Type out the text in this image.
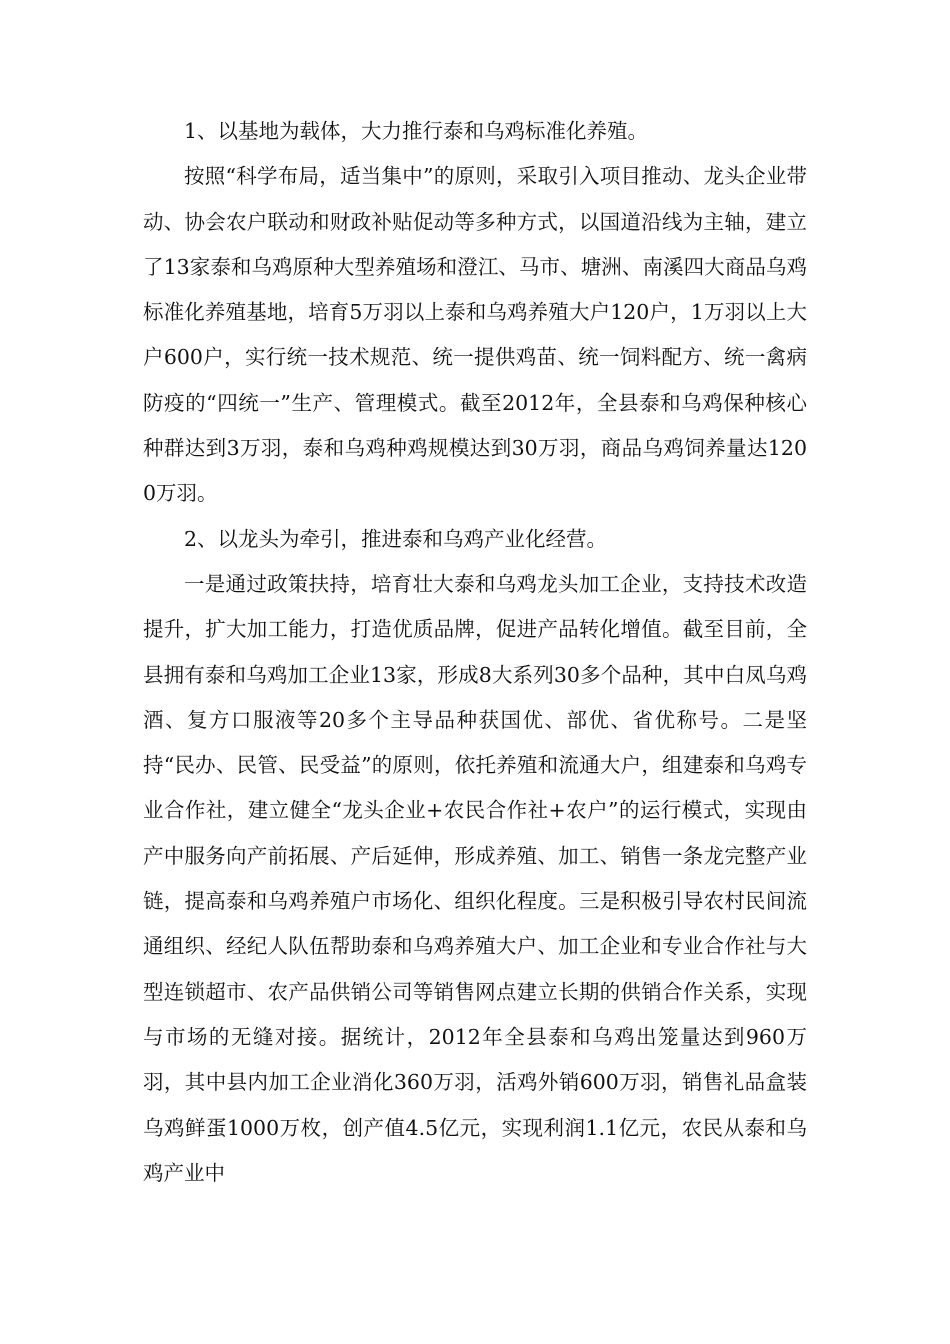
1、以基地为载体，大力推行泰和乌鸡标准化养殖。

按照“科学布局，适当集中”的原则，采取引入项目推动、龙头企业带动、协会农户联动和财政补贴促动等多种方式，以国道沿线为主轴，建立了13家泰和乌鸡原种大型养殖场和澄江、马市、塘洲、南溪四大商品乌鸡标准化养殖基地，培育5万羽以上泰和乌鸡养殖大户120户，1万羽以上大户600户，实行统一技术规范、统一提供鸡苗、统一饲料配方、统一禽病防疫的“四统一”生产、管理模式。截至2012年，全县泰和乌鸡保种核心种群达到3万羽，泰和乌鸡种鸡规模达到30万羽，商品乌鸡饲养量达1200万羽。

2、以龙头为牵引，推进泰和乌鸡产业化经营。

一是通过政策扶持，培育壮大泰和乌鸡龙头加工企业，支持技术改造提升，扩大加工能力，打造优质品牌，促进产品转化增值。截至目前，全县拥有泰和乌鸡加工企业13家，形成8大系列30多个品种，其中白凤乌鸡酒、复方口服液等20多个主导品种获国优、部优、省优称号。二是坚持“民办、民管、民受益”的原则，依托养殖和流通大户，组建泰和乌鸡专业合作社，建立健全“龙头企业+农民合作社+农户”的运行模式，实现由产中服务向产前拓展、产后延伸，形成养殖、加工、销售一条龙完整产业链，提高泰和乌鸡养殖户市场化、组织化程度。三是积极引导农村民间流通组织、经纪人队伍帮助泰和乌鸡养殖大户、加工企业和专业合作社与大型连锁超市、农产品供销公司等销售网点建立长期的供销合作关系，实现与市场的无缝对接。据统计，2012年全县泰和乌鸡出笼量达到960万羽，其中县内加工企业消化360万羽，活鸡外销600万羽，销售礼品盒装乌鸡鲜蛋1000万枚，创产值4.5亿元，实现利润1.1亿元，农民从泰和乌鸡产业中
